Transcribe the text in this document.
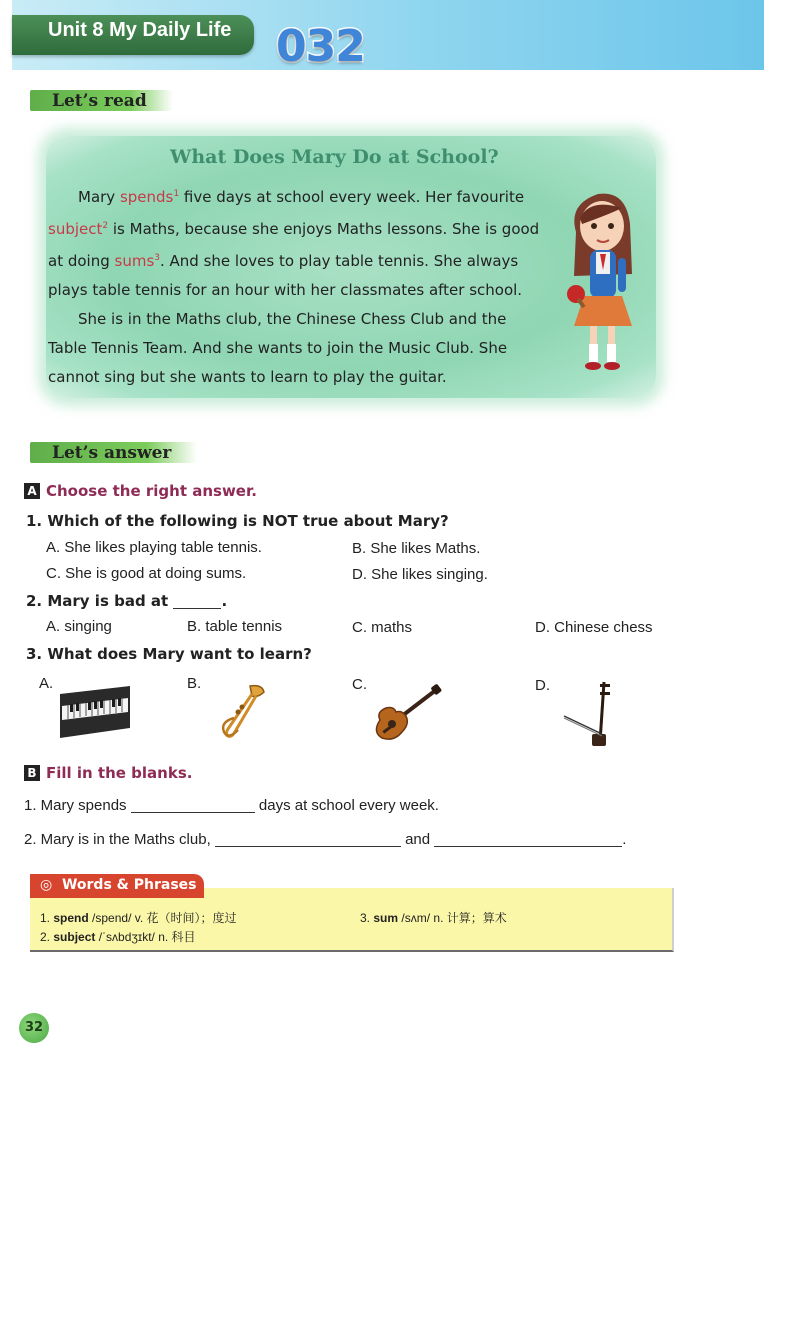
Unit 8 My Daily Life 032
Let’s read
What Does Mary Do at School?

Mary spends$^1$ five days at school every week. Her favourite subject$^2$ is Maths, because she enjoys Maths lessons. She is good at doing sums$^3$. And she loves to play table tennis. She always plays table tennis for an hour with her classmates after school.

She is in the Maths club, the Chinese Chess Club and the Table Tennis Team. And she wants to join the Music Club. She cannot sing but she wants to learn to play the guitar.

Let’s answer
A Choose the right answer.
1. Which of the following is NOT true about Mary?
A. She likes playing table tennis.	B. She likes Maths.
C. She is good at doing sums.	D. She likes singing.
2. Mary is bad at	.
A. singing	B. table tennis	C. maths	D. Chinese chess
3. What does Mary want to learn?
A.	B.	C.	D.
B Fill in the blanks.
1. Mary spends	days at school every week.
2. Mary is in the Maths club,	and	.
◎ Words & Phrases
1. spend /spend/ v. 花（时间）；度过
2. subject /ˈsʌbdʒɪkt/ n. 科目
3. sum /sʌm/ n. 计算；算术
32
